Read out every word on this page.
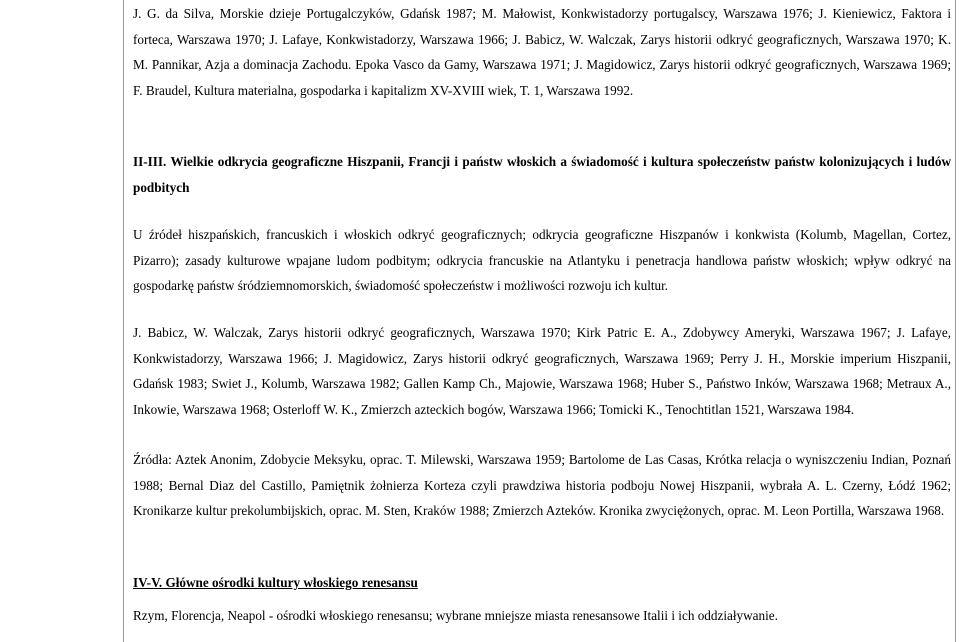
J. G. da Silva, Morskie dzieje Portugalczyków, Gdańsk 1987; M. Małowist, Konkwistadorzy portugalscy, Warszawa 1976; J. Kieniewicz, Faktora i forteca, Warszawa 1970; J. Lafaye, Konkwistadorzy, Warszawa 1966; J. Babicz, W. Walczak, Zarys historii odkryć geograficznych, Warszawa 1970; K. M. Pannikar, Azja a dominacja Zachodu. Epoka Vasco da Gamy, Warszawa 1971; J. Magidowicz, Zarys historii odkryć geograficznych, Warszawa 1969; F. Braudel, Kultura materialna, gospodarka i kapitalizm XV-XVIII wiek, T. 1, Warszawa 1992.

II-III. Wielkie odkrycia geograficzne Hiszpanii, Francji i państw włoskich a świadomość i kultura społeczeństw państw kolonizujących i ludów podbitych

U źródeł hiszpańskich, francuskich i włoskich odkryć geograficznych; odkrycia geograficzne Hiszpanów i konkwista (Kolumb, Magellan, Cortez, Pizarro); zasady kulturowe wpajane ludom podbitym; odkrycia francuskie na Atlantyku i penetracja handlowa państw włoskich; wpływ odkryć na gospodarkę państw śródziemnomorskich, świadomość społeczeństw i możliwości rozwoju ich kultur.

J. Babicz, W. Walczak, Zarys historii odkryć geograficznych, Warszawa 1970; Kirk Patric E. A., Zdobywcy Ameryki, Warszawa 1967; J. Lafaye, Konkwistadorzy, Warszawa 1966; J. Magidowicz, Zarys historii odkryć geograficznych, Warszawa 1969; Perry J. H., Morskie imperium Hiszpanii, Gdańsk 1983; Swiet J., Kolumb, Warszawa 1982; Gallen Kamp Ch., Majowie, Warszawa 1968; Huber S., Państwo Inków, Warszawa 1968; Metraux A., Inkowie, Warszawa 1968; Osterloff W. K., Zmierzch azteckich bogów, Warszawa 1966; Tomicki K., Tenochtitlan 1521, Warszawa 1984.

Źródła: Aztek Anonim, Zdobycie Meksyku, oprac. T. Milewski, Warszawa 1959; Bartolome de Las Casas, Krótka relacja o wyniszczeniu Indian, Poznań 1988; Bernal Diaz del Castillo, Pamiętnik żołnierza Korteza czyli prawdziwa historia podboju Nowej Hiszpanii, wybrała A. L. Czerny, Łódź 1962; Kronikarze kultur prekolumbijskich, oprac. M. Sten, Kraków 1988; Zmierzch Azteków. Kronika zwyciężonych, oprac. M. Leon Portilla, Warszawa 1968.

IV-V. Główne ośrodki kultury włoskiego renesansu

Rzym, Florencja, Neapol - ośrodki włoskiego renesansu; wybrane mniejsze miasta renesansowe Italii i ich oddziaływanie.
